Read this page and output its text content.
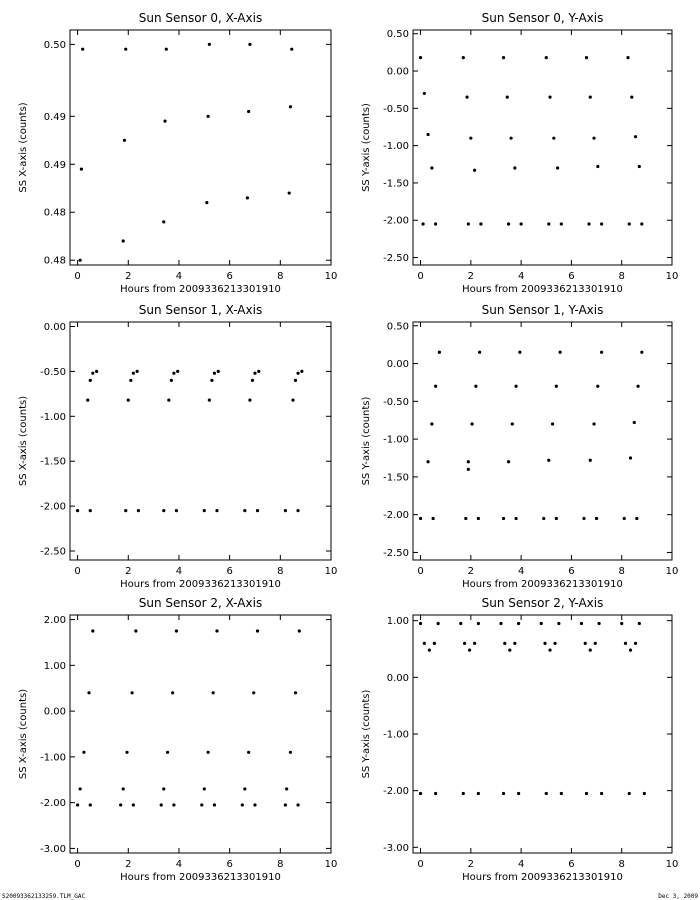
Sun Sensor 0, X-Axis
Hours from 2009336213301910
SS X-axis (counts)
0	2	4	6	8	10
0.48
0.48
0.49
0.49
0.50
Sun Sensor 0, Y-Axis
Hours from 2009336213301910
SS Y-axis (counts)
0	2	4	6	8	10
-2.50
-2.00
-1.50
-1.00
-0.50
0.00
0.50
Sun Sensor 1, X-Axis
Hours from 2009336213301910
SS X-axis (counts)
0	2	4	6	8	10
-2.50
-2.00
-1.50
-1.00
-0.50
0.00
Sun Sensor 1, Y-Axis
Hours from 2009336213301910
SS Y-axis (counts)
0	2	4	6	8	10
-2.50
-2.00
-1.50
-1.00
-0.50
0.00
0.50
Sun Sensor 2, X-Axis
Hours from 2009336213301910
SS X-axis (counts)
0	2	4	6	8	10
-3.00
-2.00
-1.00
0.00
1.00
2.00
Sun Sensor 2, Y-Axis
Hours from 2009336213301910
SS Y-axis (counts)
0	2	4	6	8	10
-3.00
-2.00
-1.00
0.00
1.00
S20093362133259.TLM_GAC	Dec 3, 2009
